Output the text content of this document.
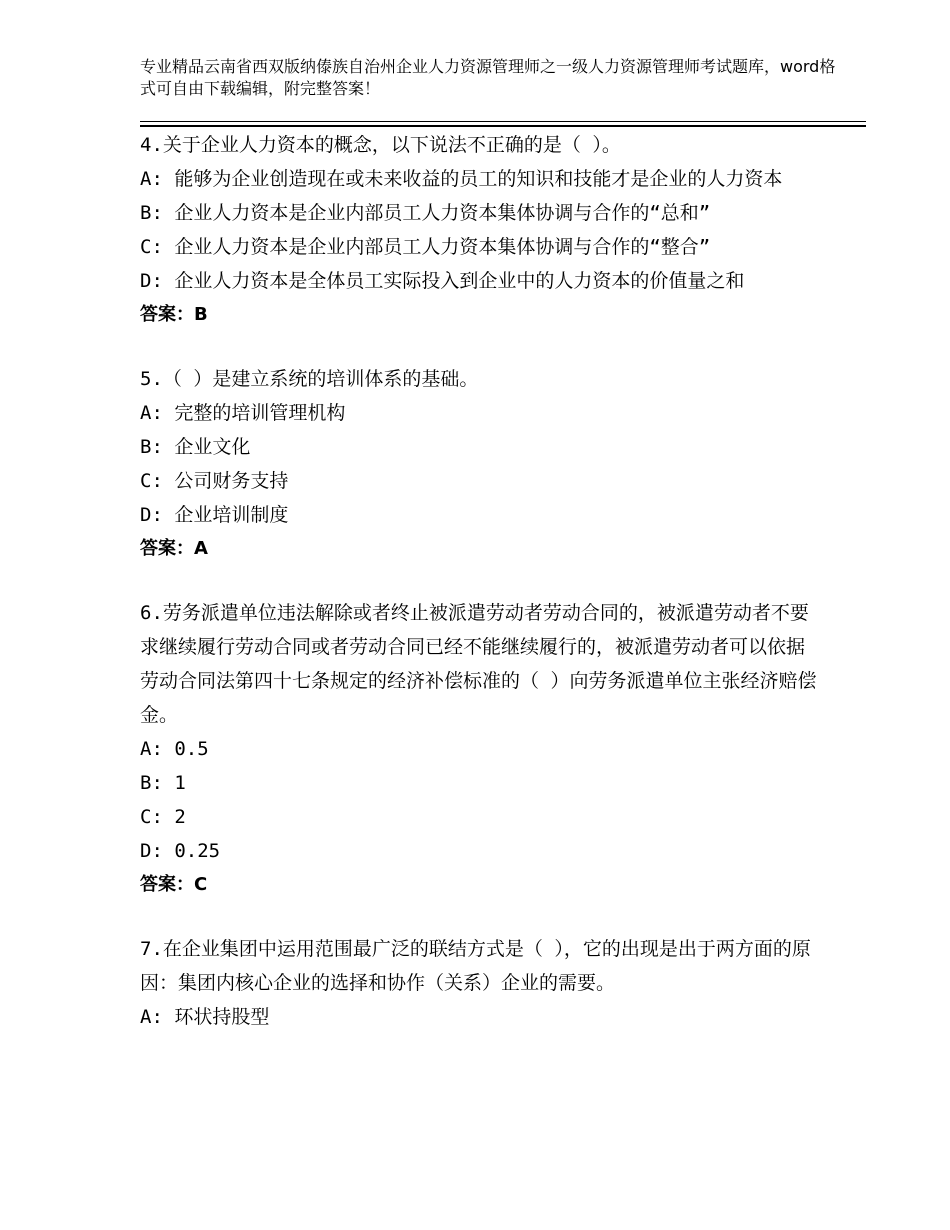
专业精品云南省西双版纳傣族自治州企业人力资源管理师之一级人力资源管理师考试题库，word格式可自由下载编辑，附完整答案！
4.关于企业人力资本的概念，以下说法不正确的是（ ）。
A: 能够为企业创造现在或未来收益的员工的知识和技能才是企业的人力资本
B: 企业人力资本是企业内部员工人力资本集体协调与合作的“总和”
C: 企业人力资本是企业内部员工人力资本集体协调与合作的“整合”
D: 企业人力资本是全体员工实际投入到企业中的人力资本的价值量之和
答案：B
5.（ ）是建立系统的培训体系的基础。
A: 完整的培训管理机构
B: 企业文化
C: 公司财务支持
D: 企业培训制度
答案：A
6.劳务派遣单位违法解除或者终止被派遣劳动者劳动合同的，被派遣劳动者不要求继续履行劳动合同或者劳动合同已经不能继续履行的，被派遣劳动者可以依据劳动合同法第四十七条规定的经济补偿标准的（ ）向劳务派遣单位主张经济赔偿金。
A: 0.5
B: 1
C: 2
D: 0.25
答案：C
7.在企业集团中运用范围最广泛的联结方式是（ ），它的出现是出于两方面的原因：集团内核心企业的选择和协作（关系）企业的需要。
A: 环状持股型
